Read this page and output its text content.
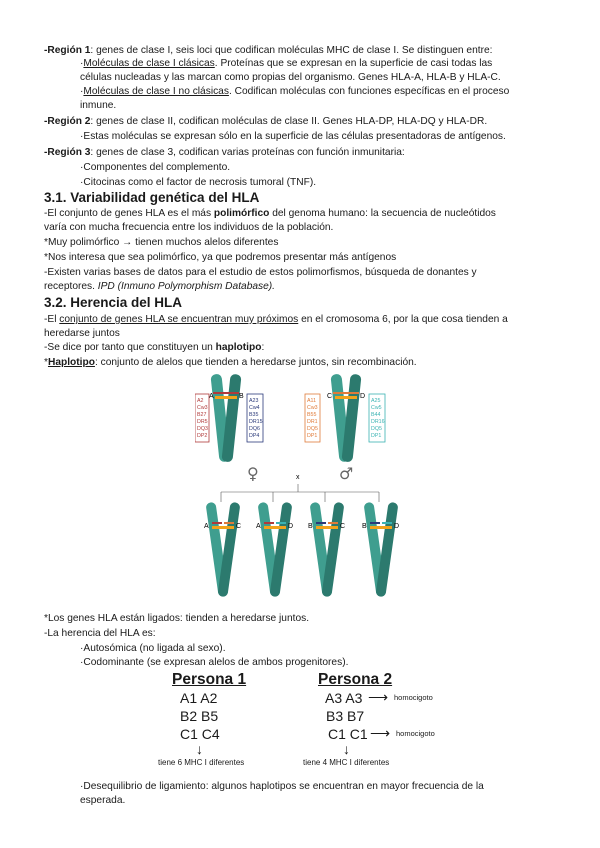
-Región 1: genes de clase I, seis loci que codifican moléculas MHC de clase I. Se distinguen entre:
·Moléculas de clase I clásicas. Proteínas que se expresan en la superficie de casi todas las
células nucleadas y las marcan como propias del organismo. Genes HLA-A, HLA-B y HLA-C.
·Moléculas de clase I no clásicas. Codifican moléculas con funciones específicas en el proceso
inmune.
-Región 2: genes de clase II, codifican moléculas de clase II. Genes HLA-DP, HLA-DQ y HLA-DR.
·Estas moléculas se expresan sólo en la superficie de las células presentadoras de antígenos.
-Región 3: genes de clase 3, codifican varias proteínas con función inmunitaria:
·Componentes del complemento.
·Citocinas como el factor de necrosis tumoral (TNF).
3.1. Variabilidad genética del HLA
-El conjunto de genes HLA es el más polimórfico del genoma humano: la secuencia de nucleótidos
varía con mucha frecuencia entre los individuos de la población.
*Muy polimórfico → tienen muchos alelos diferentes
*Nos interesa que sea polimórfico, ya que podremos presentar más antígenos
-Existen varias bases de datos para el estudio de estos polimorfismos, búsqueda de donantes y
receptores. IPD (Inmuno Polymorphism Database).
3.2. Herencia del HLA
-El conjunto de genes HLA se encuentran muy próximos en el cromosoma 6, por la que cosa tienden a
heredarse juntos
-Se dice por tanto que constituyen un haplotipo:
*Haplotipo: conjunto de alelos que tienden a heredarse juntos, sin recombinación.
A	B
A2
Cw3
B27
DR5
DQ3
DP2
A23
Cw4
B35
DR15
DQ6
DP4
C	D
A11
Cw3
B55
DR1
DQ5
DP1
A25
Cw5
B44
DR16
DQ5
DP1
♀	♂
x
A	C A	D B	C B	D
*Los genes HLA están ligados: tienden a heredarse juntos.
-La herencia del HLA es:
·Autosómica (no ligada al sexo).
·Codominante (se expresan alelos de ambos progenitores).
Persona 1
A1 A2
B2 B5
C1 C4
↓
tiene 6 MHC I diferentes
Persona 2
A3 A3 ⟶ homocigoto
B3 B7
C1 C1 ⟶ homocigoto
↓
tiene 4 MHC I diferentes
·Desequilibrio de ligamiento: algunos haplotipos se encuentran en mayor frecuencia de la
esperada.
